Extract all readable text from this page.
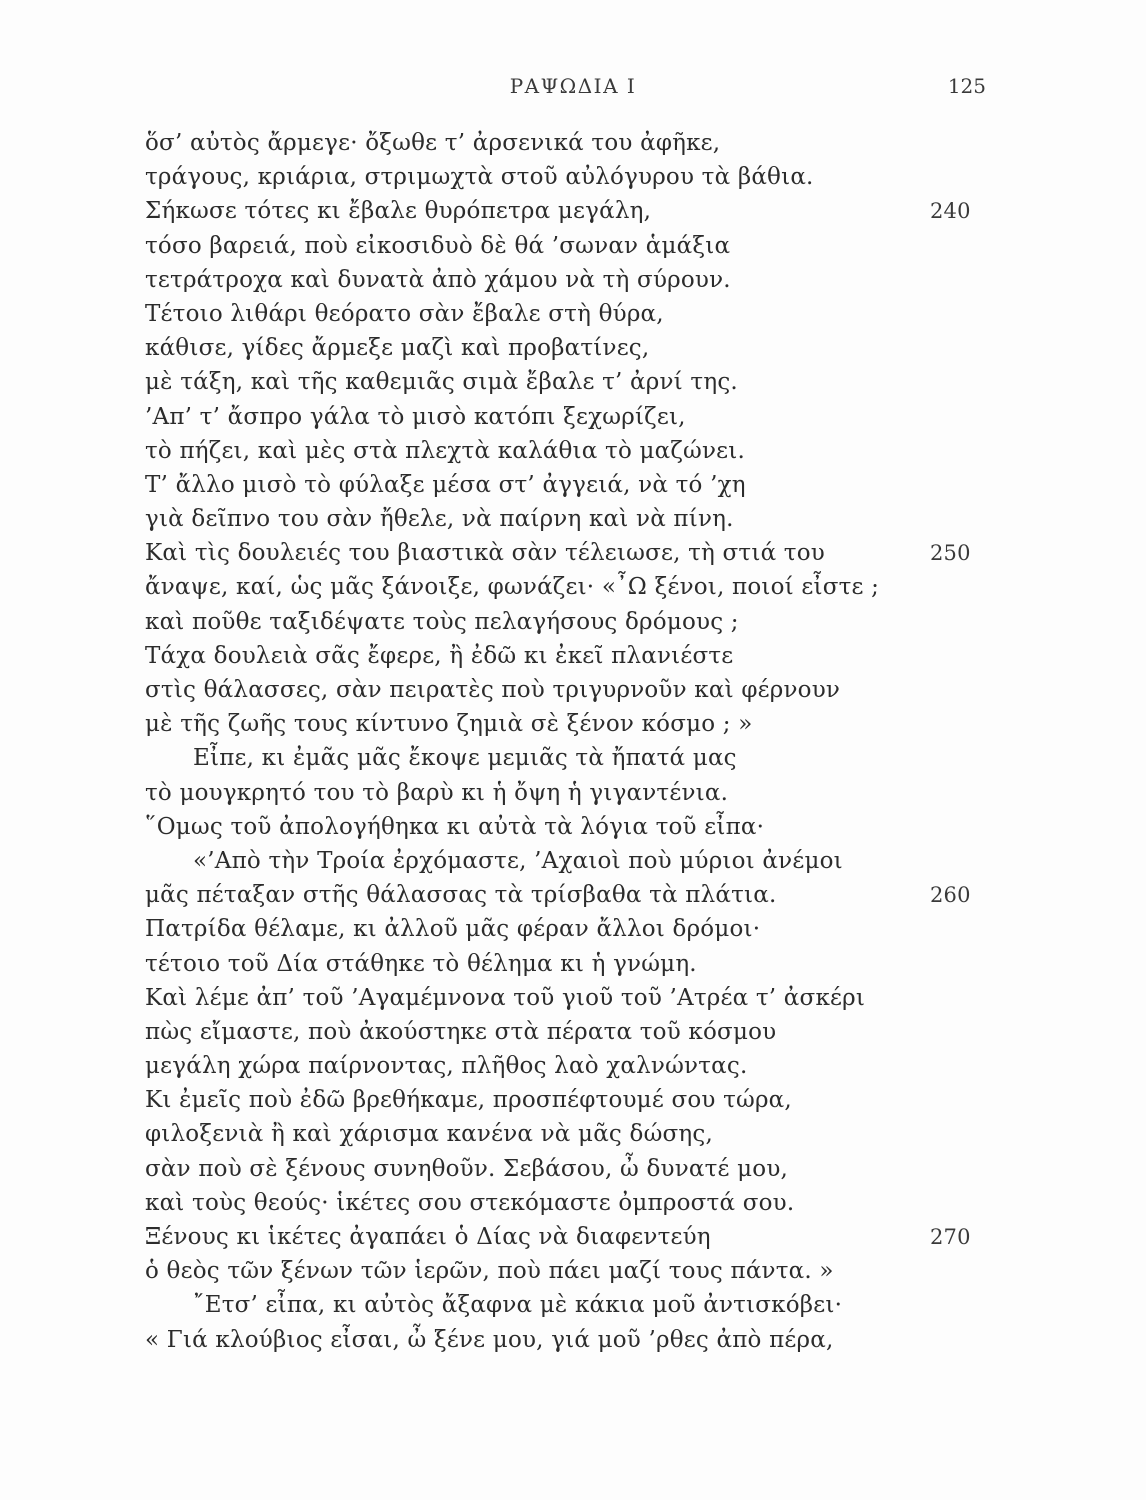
ΡΑΨΩΔΙΑ Ι	125
ὅσ’ αὐτὸς ἄρμεγε· ὄξωθε τ’ ἀρσενικά του ἀφῆκε,
τράγους, κριάρια, στριμωχτὰ στοῦ αὐλόγυρου τὰ βάθια.
Σήκωσε τότες κι ἔβαλε θυρόπετρα μεγάλη,	240
τόσο βαρειά, ποὺ εἰκοσιδυὸ δὲ θά ’σωναν ἁμάξια
τετράτροχα καὶ δυνατὰ ἀπὸ χάμου νὰ τὴ σύρουν.
Τέτοιο λιθάρι θεόρατο σὰν ἔβαλε στὴ θύρα,
κάθισε, γίδες ἄρμεξε μαζὶ καὶ προβατίνες,
μὲ τάξη, καὶ τῆς καθεμιᾶς σιμὰ ἔβαλε τ’ ἀρνί της.
’Απ’ τ’ ἄσπρο γάλα τὸ μισὸ κατόπι ξεχωρίζει,
τὸ πήζει, καὶ μὲς στὰ πλεχτὰ καλάθια τὸ μαζώνει.
Τ’ ἄλλο μισὸ τὸ φύλαξε μέσα στ’ ἀγγειά, νὰ τό ’χη
γιὰ δεῖπνο του σὰν ἤθελε, νὰ παίρνη καὶ νὰ πίνη.
Καὶ τὶς δουλειές του βιαστικὰ σὰν τέλειωσε, τὴ στιά του	250
ἄναψε, καί, ὡς μᾶς ξάνοιξε, φωνάζει· «῏Ω ξένοι, ποιοί εἶστε ;
καὶ ποῦθε ταξιδέψατε τοὺς πελαγήσους δρόμους ;
Τάχα δουλειὰ σᾶς ἔφερε, ἢ ἐδῶ κι ἐκεῖ πλανιέστε
στὶς θάλασσες, σὰν πειρατὲς ποὺ τριγυρνοῦν καὶ φέρνουν
μὲ τῆς ζωῆς τους κίντυνο ζημιὰ σὲ ξένον κόσμο ; »
Εἶπε, κι ἐμᾶς μᾶς ἔκοψε μεμιᾶς τὰ ἤπατά μας
τὸ μουγκρητό του τὸ βαρὺ κι ἡ ὄψη ἡ γιγαντένια.
῞Ομως τοῦ ἀπολογήθηκα κι αὐτὰ τὰ λόγια τοῦ εἶπα·
«’Απὸ τὴν Τροία ἐρχόμαστε, ’Αχαιοὶ ποὺ μύριοι ἀνέμοι
μᾶς πέταξαν στῆς θάλασσας τὰ τρίσβαθα τὰ πλάτια.	260
Πατρίδα θέλαμε, κι ἀλλοῦ μᾶς φέραν ἄλλοι δρόμοι·
τέτοιο τοῦ Δία στάθηκε τὸ θέλημα κι ἡ γνώμη.
Καὶ λέμε ἀπ’ τοῦ ’Αγαμέμνονα τοῦ γιοῦ τοῦ ’Ατρέα τ’ ἀσκέρι
πὼς εἴμαστε, ποὺ ἀκούστηκε στὰ πέρατα τοῦ κόσμου
μεγάλη χώρα παίρνοντας, πλῆθος λαὸ χαλνώντας.
Κι ἐμεῖς ποὺ ἐδῶ βρεθήκαμε, προσπέφτουμέ σου τώρα,
φιλοξενιὰ ἢ καὶ χάρισμα κανένα νὰ μᾶς δώσης,
σὰν ποὺ σὲ ξένους συνηθοῦν. Σεβάσου, ὦ δυνατέ μου,
καὶ τοὺς θεούς· ἱκέτες σου στεκόμαστε ὀμπροστά σου.
Ξένους κι ἱκέτες ἀγαπάει ὁ Δίας νὰ διαφεντεύη	270
ὁ θεὸς τῶν ξένων τῶν ἱερῶν, ποὺ πάει μαζί τους πάντα. »
῎Ετσ’ εἶπα, κι αὐτὸς ἄξαφνα μὲ κάκια μοῦ ἀντισκόβει·
« Γιά κλούβιος εἶσαι, ὦ ξένε μου, γιά μοῦ ’ρθες ἀπὸ πέρα,
